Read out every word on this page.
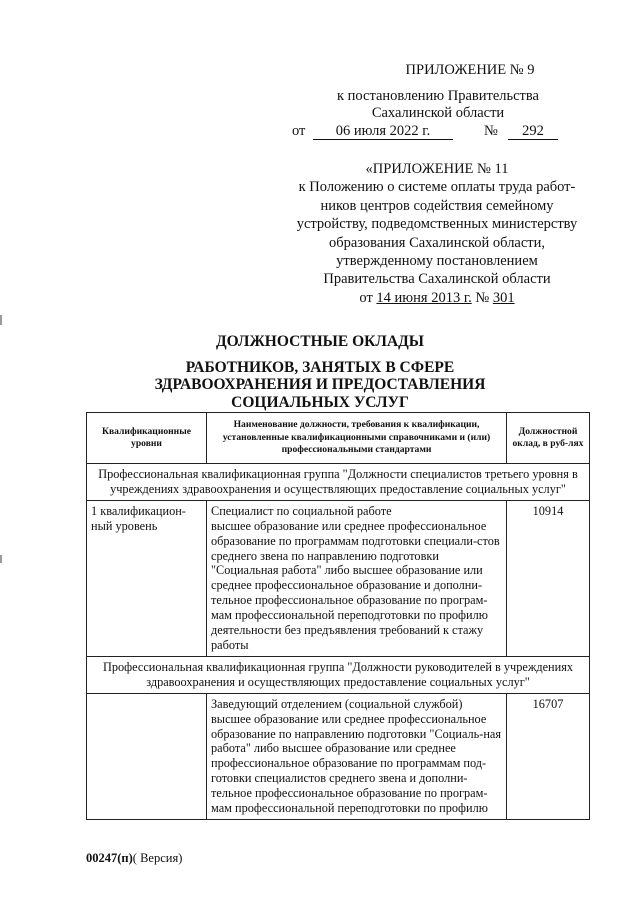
ПРИЛОЖЕНИЕ № 9
к постановлению Правительства
Сахалинской области
от	06 июля 2022 г.	№	292
«ПРИЛОЖЕНИЕ № 11
к Положению о системе оплаты труда работ-
ников центров содействия семейному
устройству, подведомственных министерству
образования Сахалинской области,
утвержденному постановлением
Правительства Сахалинской области
от 14 июня 2013 г. № 301
ДОЛЖНОСТНЫЕ ОКЛАДЫ
РАБОТНИКОВ, ЗАНЯТЫХ В СФЕРЕ
ЗДРАВООХРАНЕНИЯ И ПРЕДОСТАВЛЕНИЯ
СОЦИАЛЬНЫХ УСЛУГ
Квалификационные уровни	Наименование должности, требования к квалификации, установленные квалификационными справочниками и (или) профессиональными стандартами	Должностной оклад, в руб-лях
Профессиональная квалификационная группа "Должности специалистов третьего уровня в учреждениях здравоохранения и осуществляющих предоставление социальных услуг"		
1 квалификацион-ный уровень	Специалист по социальной работе
высшее образование или среднее профессиональное образование по программам подготовки специали-стов среднего звена по направлению подготовки "Социальная работа" либо высшее образование или среднее профессиональное образование и дополни-тельное профессиональное образование по програм-мам профессиональной переподготовки по профилю деятельности без предъявления требований к стажу работы	10914
Профессиональная квалификационная группа "Должности руководителей в учреждениях здравоохранения и осуществляющих предоставление социальных услуг"		

	Заведующий отделением (социальной службой)
высшее образование или среднее профессиональное образование по направлению подготовки "Социаль-ная работа" либо высшее образование или среднее профессиональное образование по программам под-готовки специалистов среднего звена и дополни-тельное профессиональное образование по програм-мам профессиональной переподготовки по профилю	16707
00247(п)( Версия)
